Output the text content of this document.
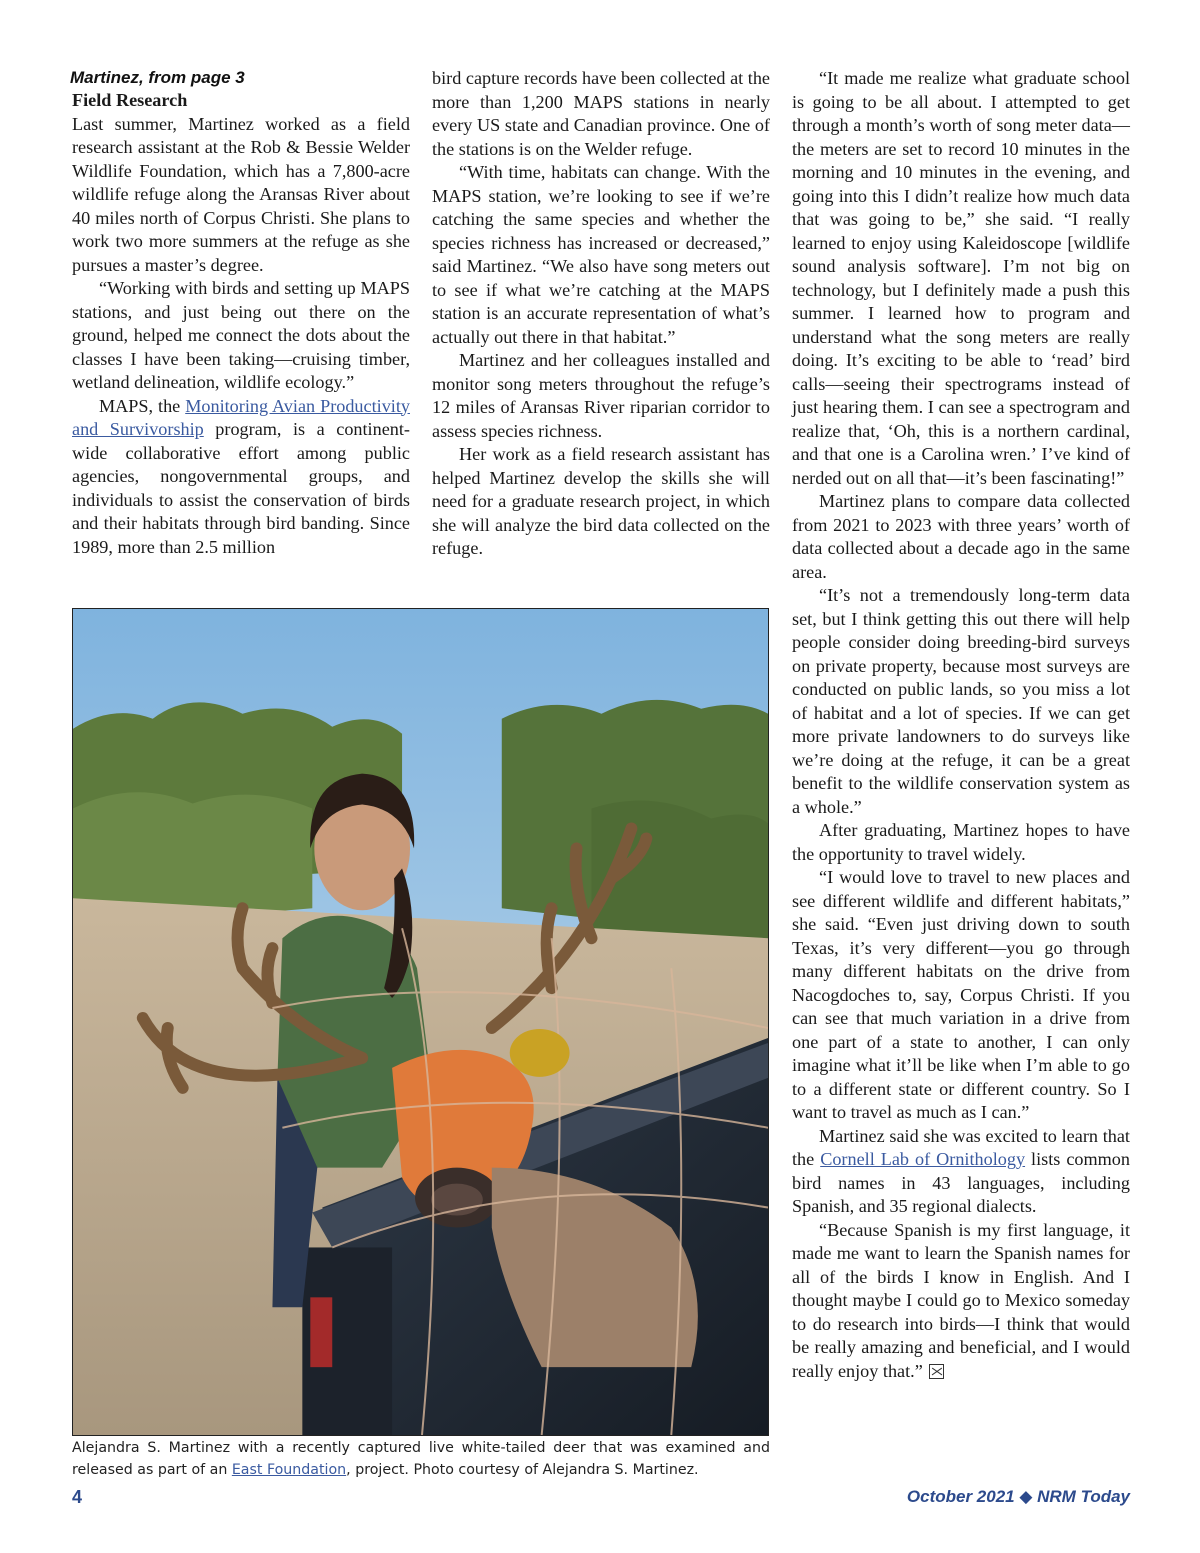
Martinez, from page 3
Field Research

Last summer, Martinez worked as a field research assistant at the Rob & Bessie Welder Wildlife Foundation, which has a 7,800-acre wildlife refuge along the Aransas River about 40 miles north of Corpus Christi. She plans to work two more summers at the refuge as she pursues a master’s degree.

“Working with birds and setting up MAPS stations, and just being out there on the ground, helped me connect the dots about the classes I have been taking—cruising timber, wetland delineation, wildlife ecology.”

MAPS, the Monitoring Avian Productivity and Survivorship program, is a continent-wide collaborative effort among public agencies, nongovernmental groups, and individuals to assist the conservation of birds and their habitats through bird banding. Since 1989, more than 2.5 million

bird capture records have been collected at the more than 1,200 MAPS stations in nearly every US state and Canadian province. One of the stations is on the Welder refuge.

“With time, habitats can change. With the MAPS station, we’re looking to see if we’re catching the same species and whether the species richness has increased or decreased,” said Martinez. “We also have song meters out to see if what we’re catching at the MAPS station is an accurate representation of what’s actually out there in that habitat.”

Martinez and her colleagues installed and monitor song meters throughout the refuge’s 12 miles of Aransas River riparian corridor to assess species richness.

Her work as a field research assistant has helped Martinez develop the skills she will need for a graduate research project, in which she will analyze the bird data collected on the refuge.

“It made me realize what graduate school is going to be all about. I attempted to get through a month’s worth of song meter data—the meters are set to record 10 minutes in the morning and 10 minutes in the evening, and going into this I didn’t realize how much data that was going to be,” she said. “I really learned to enjoy using Kaleidoscope [wildlife sound analysis software]. I’m not big on technology, but I definitely made a push this summer. I learned how to program and understand what the song meters are really doing. It’s exciting to be able to ‘read’ bird calls—seeing their spectrograms instead of just hearing them. I can see a spectrogram and realize that, ‘Oh, this is a northern cardinal, and that one is a Carolina wren.’ I’ve kind of nerded out on all that—it’s been fascinating!”

Martinez plans to compare data collected from 2021 to 2023 with three years’ worth of data collected about a decade ago in the same area.

“It’s not a tremendously long-term data set, but I think getting this out there will help people consider doing breeding-bird surveys on private property, because most surveys are conducted on public lands, so you miss a lot of habitat and a lot of species. If we can get more private landowners to do surveys like we’re doing at the refuge, it can be a great benefit to the wildlife conservation system as a whole.”

After graduating, Martinez hopes to have the opportunity to travel widely.

“I would love to travel to new places and see different wildlife and different habitats,” she said. “Even just driving down to south Texas, it’s very different—you go through many different habitats on the drive from Nacogdoches to, say, Corpus Christi. If you can see that much variation in a drive from one part of a state to another, I can only imagine what it’ll be like when I’m able to go to a different state or different country. So I want to travel as much as I can.”

Martinez said she was excited to learn that the Cornell Lab of Ornithology lists common bird names in 43 languages, including Spanish, and 35 regional dialects.

“Because Spanish is my first language, it made me want to learn the Spanish names for all of the birds I know in English. And I thought maybe I could go to Mexico someday to do research into birds—I think that would be really amazing and beneficial, and I would really enjoy that.”

Alejandra S. Martinez with a recently captured live white-tailed deer that was examined and released as part of an East Foundation, project. Photo courtesy of Alejandra S. Martinez.
4	October 2021 ◆ NRM Today
